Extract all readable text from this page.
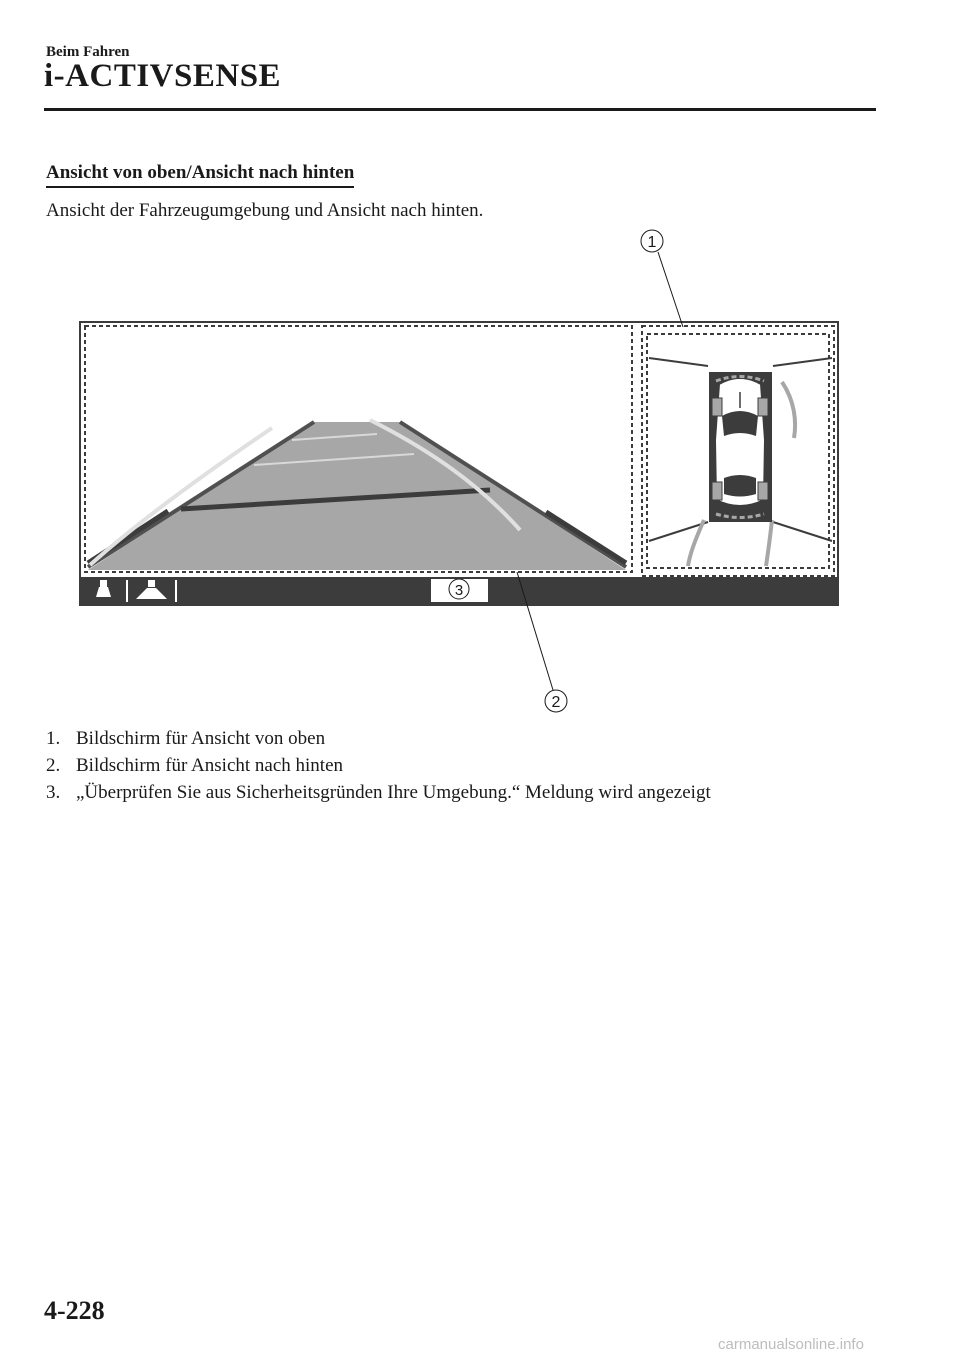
Beim Fahren
i-ACTIVSENSE
Ansicht von oben/Ansicht nach hinten
Ansicht der Fahrzeugumgebung und Ansicht nach hinten.
1
2
3
1. Bildschirm für Ansicht von oben
2. Bildschirm für Ansicht nach hinten
3. „Überprüfen Sie aus Sicherheitsgründen Ihre Umgebung.“ Meldung wird angezeigt
4-228
carmanualsonline.info
